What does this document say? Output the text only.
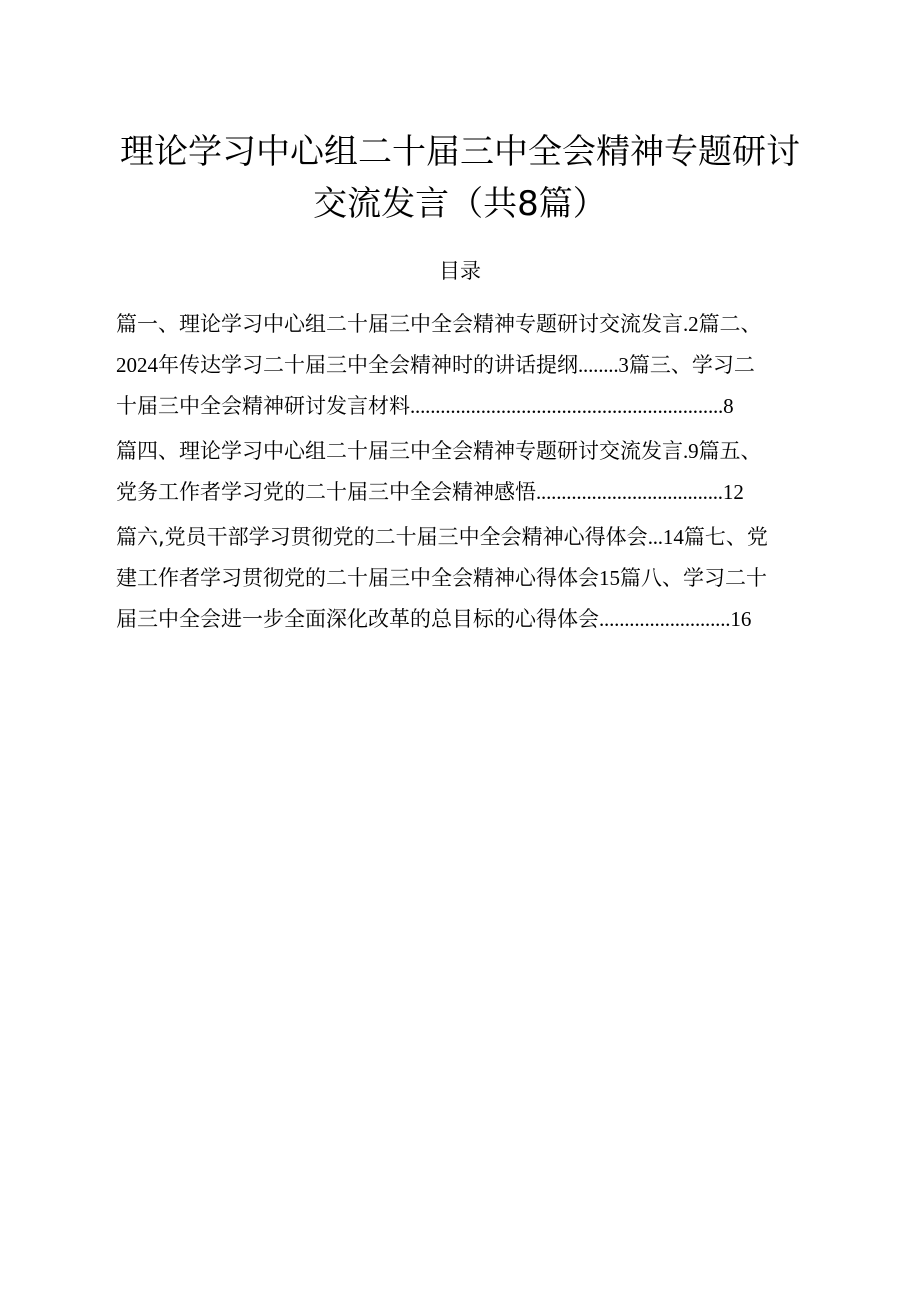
理论学习中心组二十届三中全会精神专题研讨
交流发言（共8篇）
目录
篇一、理论学习中心组二十届三中全会精神专题研讨交流发言.2篇二、
2024年传达学习二十届三中全会精神时的讲话提纲........3篇三、学习二
十届三中全会精神研讨发言材料..............................................................8
篇四、理论学习中心组二十届三中全会精神专题研讨交流发言.9篇五、
党务工作者学习党的二十届三中全会精神感悟.....................................12
篇六,党员干部学习贯彻党的二十届三中全会精神心得体会...14篇七、党
建工作者学习贯彻党的二十届三中全会精神心得体会15篇八、学习二十
届三中全会进一步全面深化改革的总目标的心得体会..........................16
